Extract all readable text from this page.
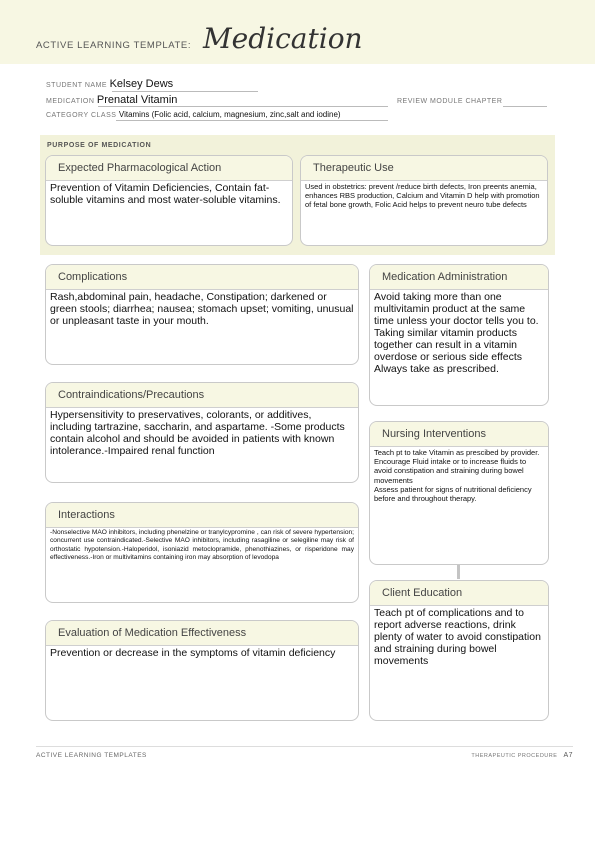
ACTIVE LEARNING TEMPLATE: Medication
STUDENT NAME Kelsey Dews
MEDICATION Prenatal Vitamin	REVIEW MODULE CHAPTER
CATEGORY CLASS Vitamins (Folic acid, calcium, magnesium, zinc,salt and iodine)
PURPOSE OF MEDICATION
Expected Pharmacological Action
Prevention of Vitamin Deficiencies, Contain fat-soluble vitamins and most water-soluble vitamins.
Therapeutic Use
Used in obstetrics: prevent /reduce birth defects, Iron preents anemia, enhances RBS production, Calcium and Vitamin D help with promotion of fetal bone growth, Folic Acid helps to prevent neuro tube defects
Complications
Rash,abdominal pain, headache, Constipation; darkened or green stools; diarrhea; nausea; stomach upset; vomiting, unusual or unpleasant taste in your mouth.
Medication Administration
Avoid taking more than one multivitamin product at the same time unless your doctor tells you to. Taking similar vitamin products together can result in a vitamin overdose or serious side effects
Always take as prescribed.
Contraindications/Precautions
Hypersensitivity to preservatives, colorants, or additives, including tartrazine, saccharin, and aspartame. -Some products contain alcohol and should be avoided in patients with known intolerance.-Impaired renal function
Nursing Interventions
Teach pt to take Vitamin as prescibed by provider.
Encourage Fluid intake or to increase fluids to avoid constipation and straining during bowel movements
Assess patient for signs of nutritional deficiency before and throughout therapy.
Interactions
-Nonselective MAO inhibitors, including phenelzine or tranylcypromine , can risk of severe hypertension; concurrent use contraindicated.-Selective MAO inhibitors, including rasagiline or selegiline may risk of orthostatic hypotension.-Haloperidol, isoniazid metoclopramide, phenothiazines, or risperidone may effectiveness.-Iron or multivitamins containing iron may absorption of levodopa
Client Education
Teach pt of complications and to report adverse reactions, drink plenty of water to avoid constipation and straining during bowel movements
Evaluation of Medication Effectiveness
Prevention or decrease in the symptoms of vitamin deficiency
ACTIVE LEARNING TEMPLATES	THERAPEUTIC PROCEDURE A7
